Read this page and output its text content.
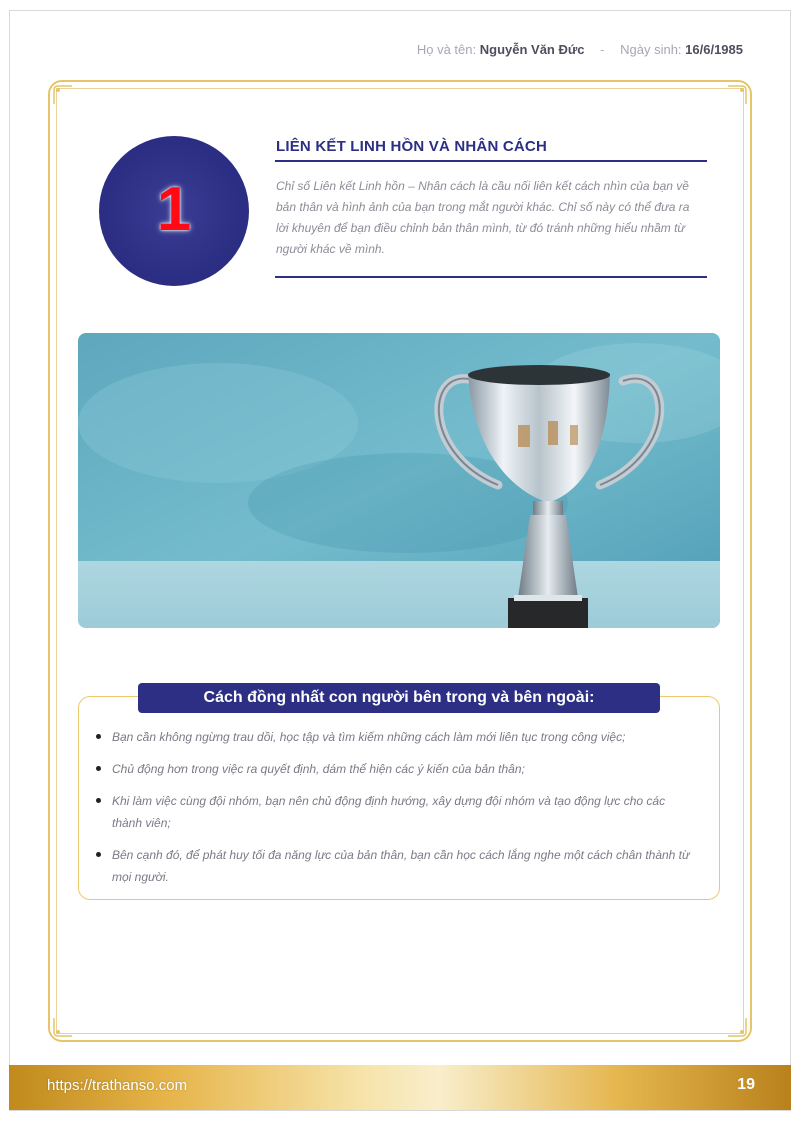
Họ và tên: Nguyễn Văn Đức - Ngày sinh: 16/6/1985
1
LIÊN KẾT LINH HỒN VÀ NHÂN CÁCH
Chỉ số Liên kết Linh hồn – Nhân cách là cầu nối liên kết cách nhìn của bạn về bản thân và hình ảnh của bạn trong mắt người khác. Chỉ số này có thể đưa ra lời khuyên để bạn điều chỉnh bản thân mình, từ đó tránh những hiểu nhầm từ người khác về mình.
Cách đồng nhất con người bên trong và bên ngoài:
Bạn cần không ngừng trau dồi, học tập và tìm kiếm những cách làm mới liên tục trong công việc;
Chủ động hơn trong việc ra quyết định, dám thể hiện các ý kiến của bản thân;
Khi làm việc cùng đội nhóm, bạn nên chủ động định hướng, xây dựng đội nhóm và tạo động lực cho các thành viên;
Bên cạnh đó, để phát huy tối đa năng lực của bản thân, bạn cần học cách lắng nghe một cách chân thành từ mọi người.
https://trathanso.com	19
